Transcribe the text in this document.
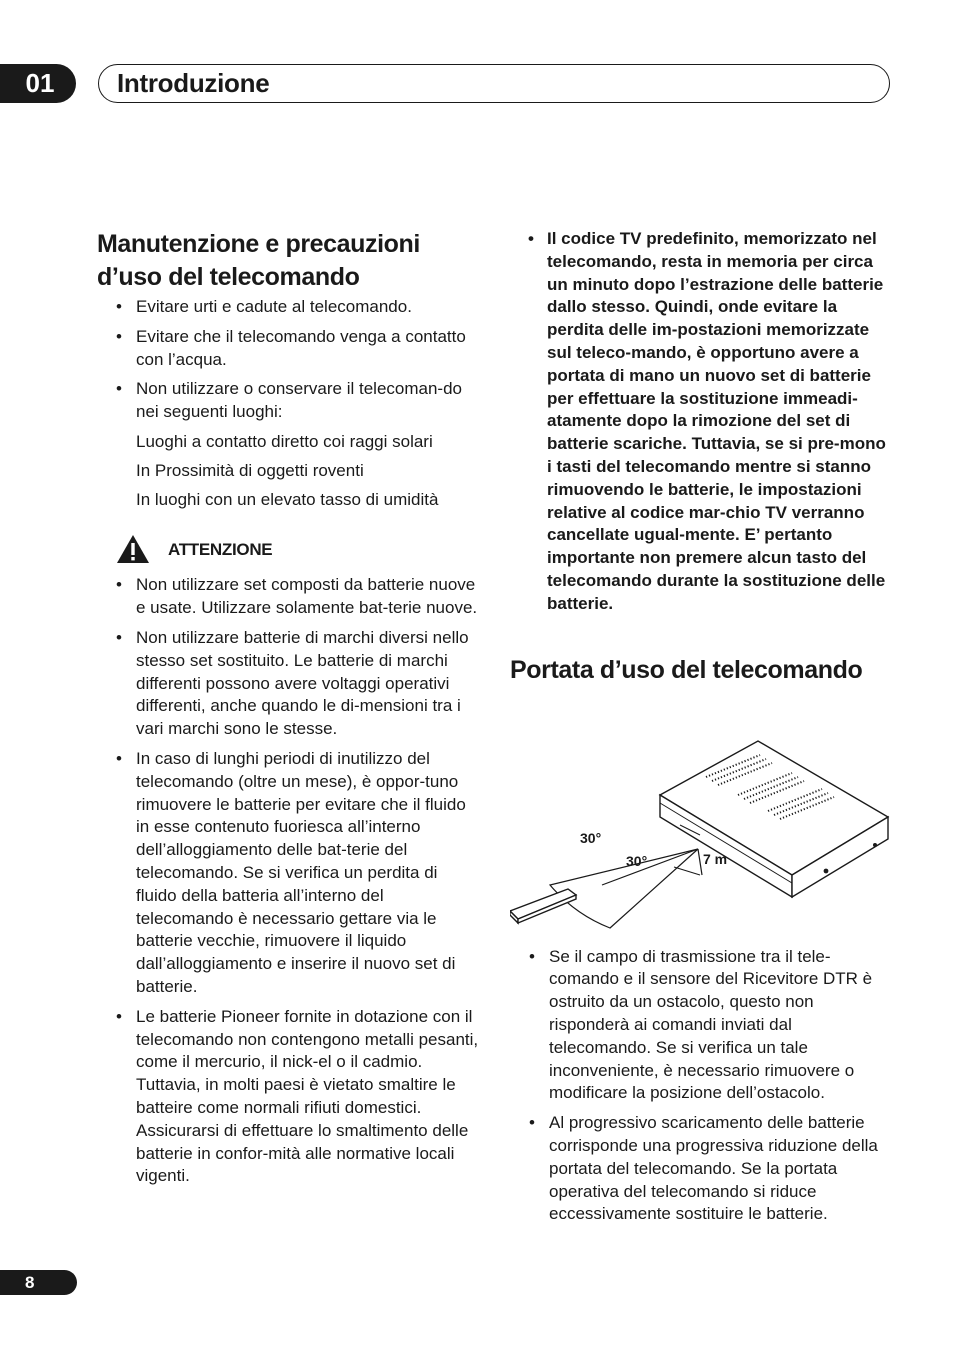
01	Introduzione
Manutenzione e precauzioni d’uso del telecomando
• Evitare urti e cadute al telecomando.
• Evitare che il telecomando venga a contatto con l’acqua.
• Non utilizzare o conservare il telecoman-do nei seguenti luoghi:
Luoghi a contatto diretto coi raggi solari
In Prossimità di oggetti roventi
In luoghi con un elevato tasso di umidità
ATTENZIONE
• Non utilizzare set composti da batterie nuove e usate. Utilizzare solamente bat-terie nuove.
• Non utilizzare batterie di marchi diversi nello stesso set sostituito. Le batterie di marchi differenti possono avere voltaggi operativi differenti, anche quando le di-mensioni tra i vari marchi sono le stesse.
• In caso di lunghi periodi di inutilizzo del telecomando (oltre un mese), è oppor-tuno rimuovere le batterie per evitare che il fluido in esse contenuto fuoriesca all’interno dell’alloggiamento delle bat-terie del telecomando. Se si verifica un perdita di fluido della batteria all’interno del telecomando è necessario gettare via le batterie vecchie, rimuovere il liquido dall’alloggiamento e inserire il nuovo set di batterie.
• Le batterie Pioneer fornite in dotazione con il telecomando non contengono metalli pesanti, come il mercurio, il nick-el o il cadmio. Tuttavia, in molti paesi è vietato smaltire le batteire come normali rifiuti domestici. Assicurarsi di effettuare lo smaltimento delle batterie in confor-mità alle normative locali vigenti.
• Il codice TV predefinito, memorizzato nel telecomando, resta in memoria per circa un minuto dopo l’estrazione delle batterie dallo stesso. Quindi, onde evitare la perdita delle im-postazioni memorizzate sul teleco-mando, è opportuno avere a portata di mano un nuovo set di batterie per effettuare la sostituzione immeadi-atamente dopo la rimozione del set di batterie scariche. Tuttavia, se si pre-mono i tasti del telecomando mentre si stanno rimuovendo le batterie, le impostazioni relative al codice mar-chio TV verranno cancellate ugual-mente. E’ pertanto importante non premere alcun tasto del telecomando durante la sostituzione delle batterie.
Portata d’uso del telecomando
30°
30°	7 m
• Se il campo di trasmissione tra il tele-comando e il sensore del Ricevitore DTR è ostruito da un ostacolo, questo non risponderà ai comandi inviati dal telecomando. Se si verifica un tale inconveniente, è necessario rimuovere o modificare la posizione dell’ostacolo.
• Al progressivo scaricamento delle batterie corrisponde una progressiva riduzione della portata del telecomando. Se la portata operativa del telecomando si riduce eccessivamente sostituire le batterie.
8
